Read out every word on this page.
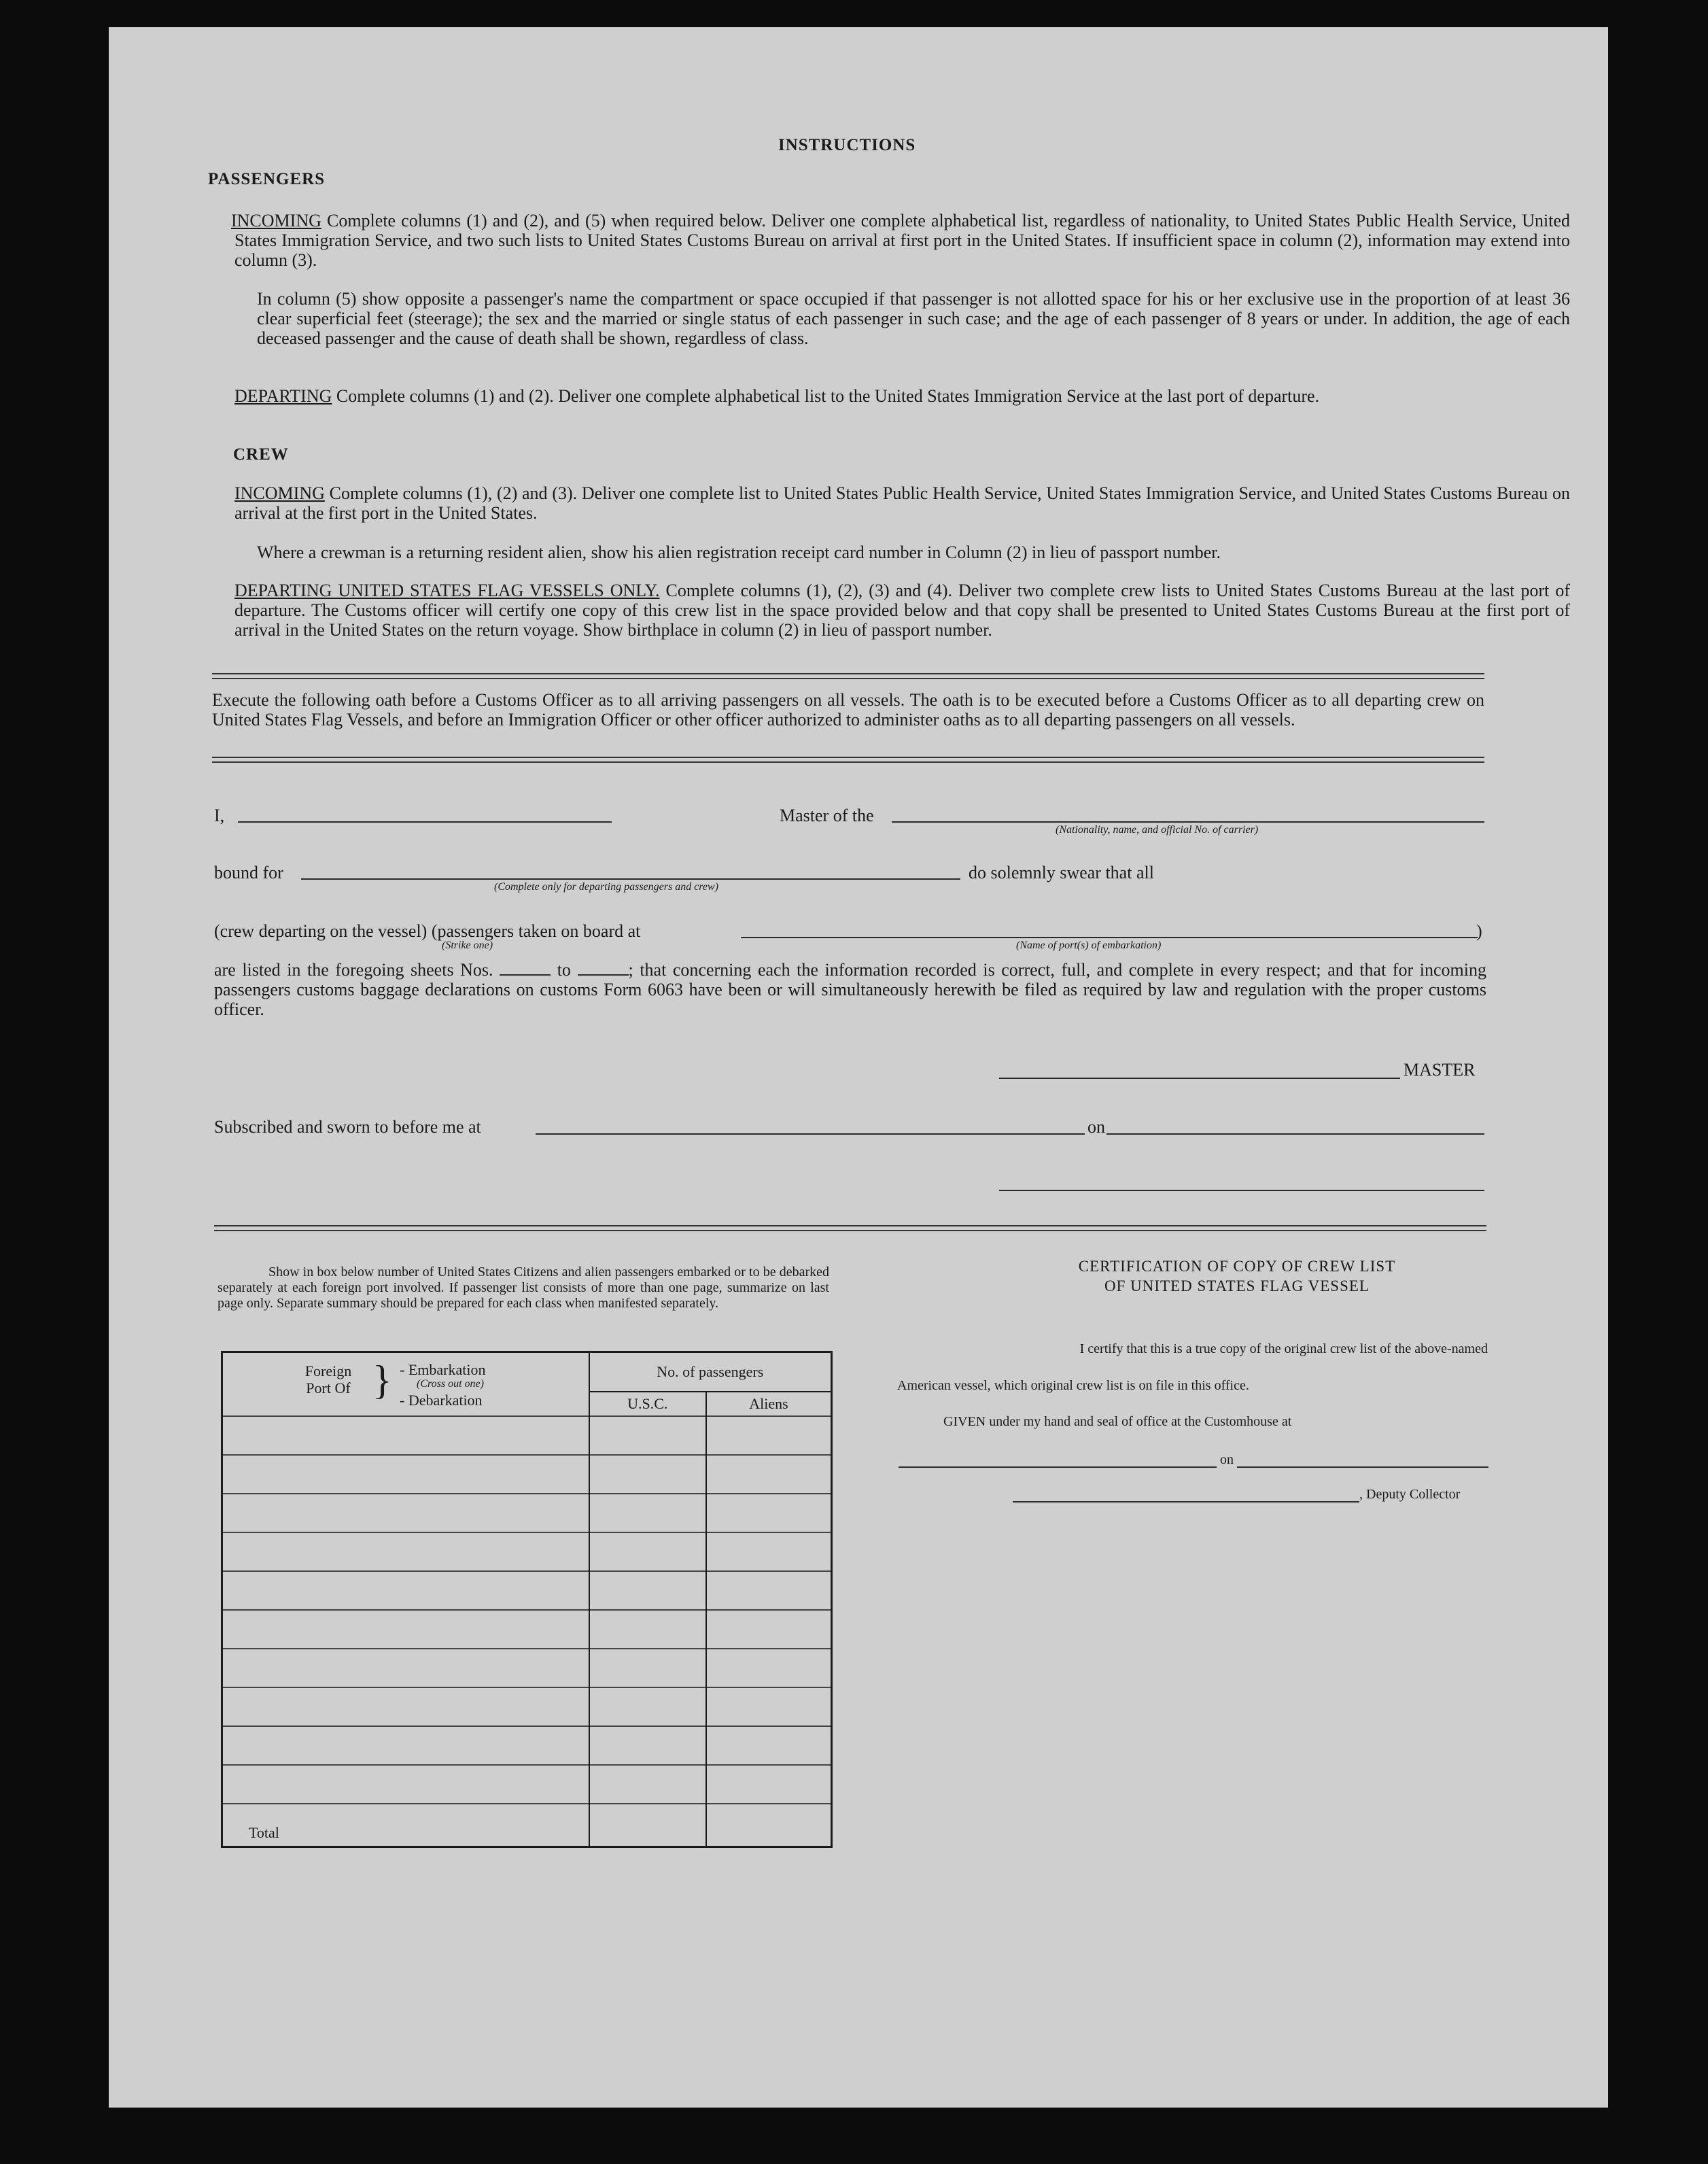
INSTRUCTIONS
PASSENGERS
INCOMING Complete columns (1) and (2), and (5) when required below. Deliver one complete alphabetical list, regardless of nationality, to United States Public Health Service, United States Immigration Service, and two such lists to United States Customs Bureau on arrival at first port in the United States. If insufficient space in column (2), information may extend into column (3).
In column (5) show opposite a passenger's name the compartment or space occupied if that passenger is not allotted space for his or her exclusive use in the proportion of at least 36 clear superficial feet (steerage); the sex and the married or single status of each passenger in such case; and the age of each passenger of 8 years or under. In addition, the age of each deceased passenger and the cause of death shall be shown, regardless of class.
DEPARTING Complete columns (1) and (2). Deliver one complete alphabetical list to the United States Immigration Service at the last port of departure.
CREW
INCOMING Complete columns (1), (2) and (3). Deliver one complete list to United States Public Health Service, United States Immigration Service, and United States Customs Bureau on arrival at the first port in the United States.
Where a crewman is a returning resident alien, show his alien registration receipt card number in Column (2) in lieu of passport number.
DEPARTING UNITED STATES FLAG VESSELS ONLY. Complete columns (1), (2), (3) and (4). Deliver two complete crew lists to United States Customs Bureau at the last port of departure. The Customs officer will certify one copy of this crew list in the space provided below and that copy shall be presented to United States Customs Bureau at the first port of arrival in the United States on the return voyage. Show birthplace in column (2) in lieu of passport number.
Execute the following oath before a Customs Officer as to all arriving passengers on all vessels. The oath is to be executed before a Customs Officer as to all departing crew on United States Flag Vessels, and before an Immigration Officer or other officer authorized to administer oaths as to all departing passengers on all vessels.
I,	Master of the
(Nationality, name, and official No. of carrier)
bound for
(Complete only for departing passengers and crew)
do solemnly swear that all
(crew departing on the vessel) (passengers taken on board at	)
(Strike one)	(Name of port(s) of embarkation)
are listed in the foregoing sheets Nos.	to	; that concerning each the information recorded is correct, full, and complete in every respect; and that for incoming passengers customs baggage declarations on customs Form 6063 have been or will simultaneously herewith be filed as required by law and regulation with the proper customs officer.
MASTER
Subscribed and sworn to before me at	on
Show in box below number of United States Citizens and alien passengers embarked or to be debarked separately at each foreign port involved. If passenger list consists of more than one page, summarize on last page only. Separate summary should be prepared for each class when manifested separately.
Foreign Port Of } - Embarkation
(Cross out one)
- Debarkation	No. of passengers	
	U.S.C.	Aliens

Total		
CERTIFICATION OF COPY OF CREW LIST
OF UNITED STATES FLAG VESSEL
I certify that this is a true copy of the original crew list of the above-named
American vessel, which original crew list is on file in this office.
GIVEN under my hand and seal of office at the Customhouse at
on
, Deputy Collector
